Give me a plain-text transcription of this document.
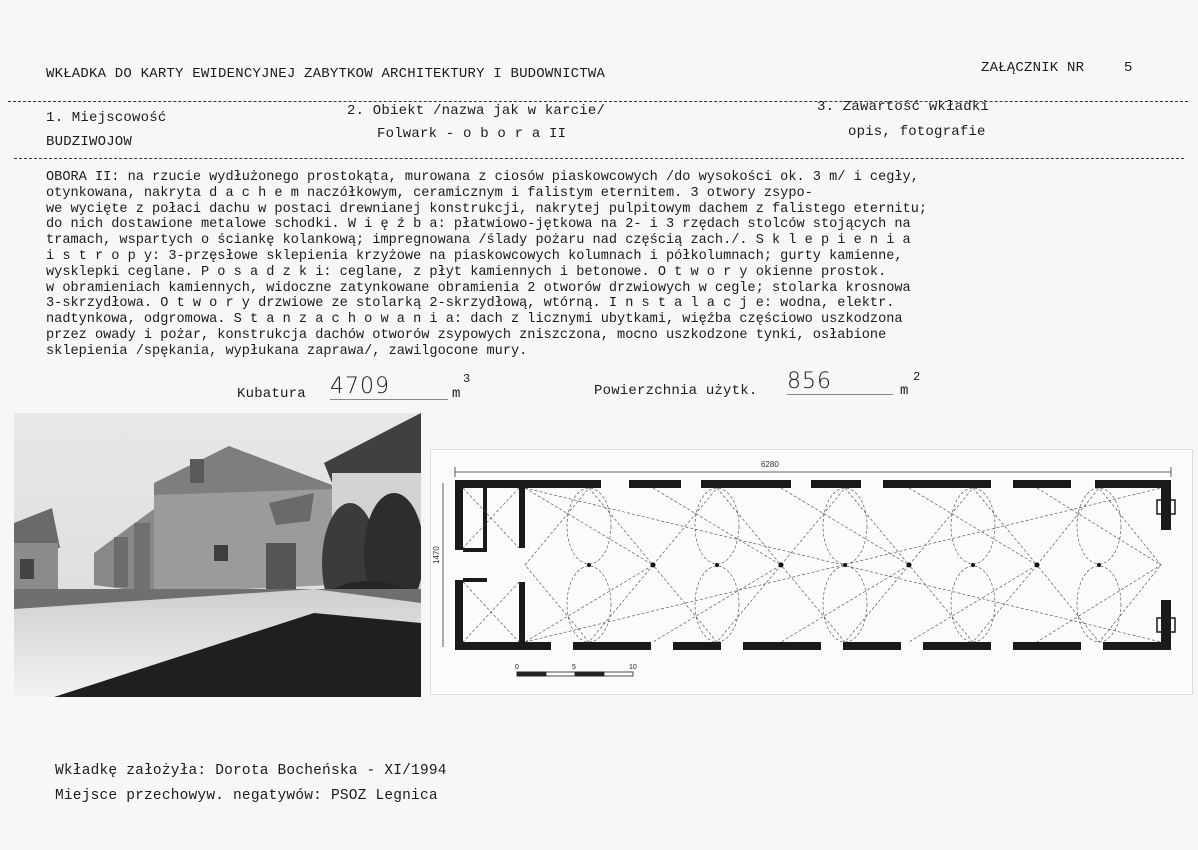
WKŁADKA DO KARTY EWIDENCYJNEJ ZABYTKOW ARCHITEKTURY I BUDOWNICTWA	ZAŁĄCZNIK NR	5
1. Miejscowość
BUDZIWOJOW
2. Obiekt /nazwa jak w karcie/
Folwark - o b o r a II
3. Zawartość wkładki
opis, fotografie
OBORA II: na rzucie wydłużonego prostokąta, murowana z ciosów piaskowcowych /do wysokości ok. 3 m/ i cegły,
otynkowana, nakryta d a c h e m naczółkowym, ceramicznym i falistym eternitem. 3 otwory zsypo-
we wycięte z połaci dachu w postaci drewnianej konstrukcji, nakrytej pulpitowym dachem z falistego eternitu;
do nich dostawione metalowe schodki. W i ę ź b a: płatwiowo-jętkowa na 2- i 3 rzędach stolców stojących na
tramach, wspartych o ściankę kolankową; impregnowana /ślady pożaru nad częścią zach./. S k l e p i e n i a
i s t r o p y: 3-przęsłowe sklepienia krzyżowe na piaskowcowych kolumnach i półkolumnach; gurty kamienne,
wysklepki ceglane. P o s a d z k i: ceglane, z płyt kamiennych i betonowe. O t w o r y okienne prostok.
w obramieniach kamiennych, widoczne zatynkowane obramienia 2 otworów drzwiowych w cegle; stolarka krosnowa
3-skrzydłowa. O t w o r y drzwiowe ze stolarką 2-skrzydłową, wtórną. I n s t a l a c j e: wodna, elektr.
nadtynkowa, odgromowa. S t a n z a c h o w a n i a: dach z licznymi ubytkami, więźba częściowo uszkodzona
przez owady i pożar, konstrukcja dachów otworów zsypowych zniszczona, mocno uszkodzone tynki, osłabione
sklepienia /spękania, wypłukana zaprawa/, zawilgocone mury.
Kubatura 4709	m
3
Powierzchnia użytk. 856	m
2
6280
1470
0	5	10
Wkładkę założyła: Dorota Bocheńska - XI/1994
Miejsce przechowyw. negatywów: PSOZ Legnica
